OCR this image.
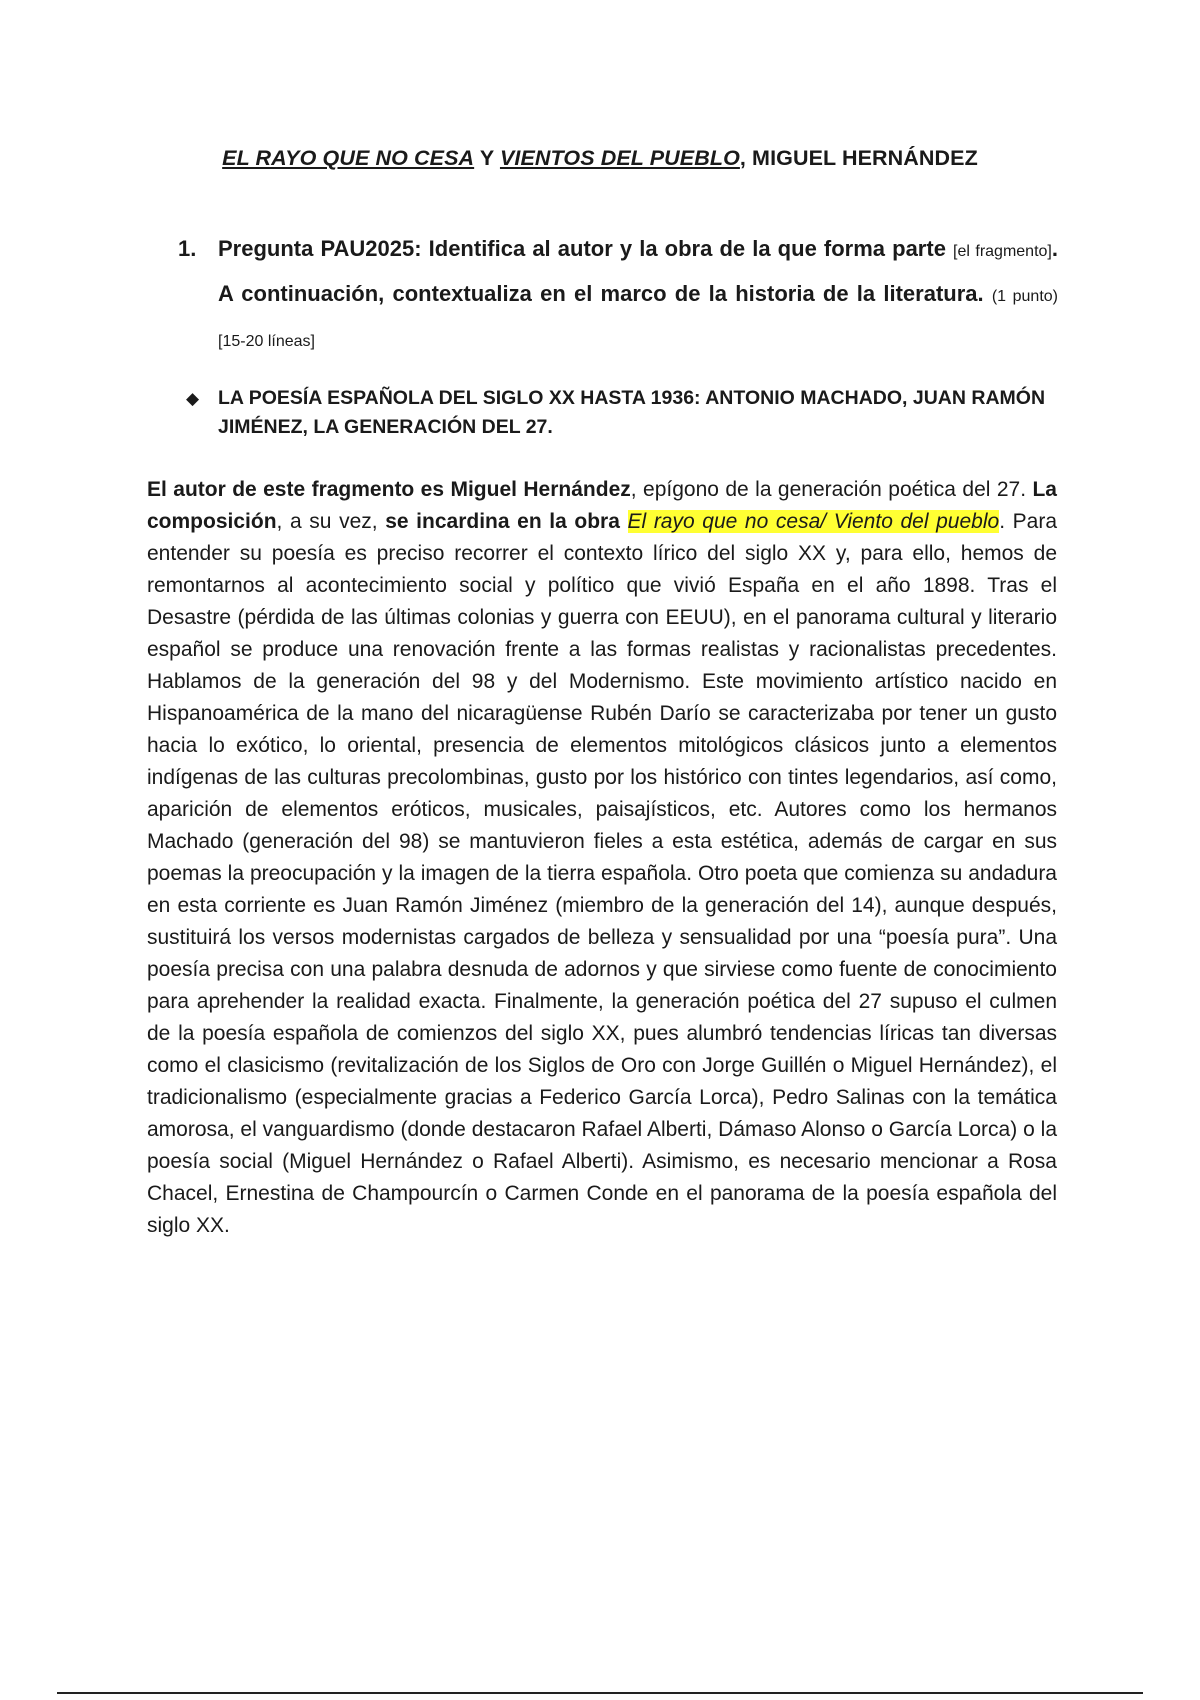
EL RAYO QUE NO CESA Y VIENTOS DEL PUEBLO, MIGUEL HERNÁNDEZ
1. Pregunta PAU2025: Identifica al autor y la obra de la que forma parte [el fragmento]. A continuación, contextualiza en el marco de la historia de la literatura. (1 punto) [15-20 líneas]
◆ LA POESÍA ESPAÑOLA DEL SIGLO XX HASTA 1936: ANTONIO MACHADO, JUAN RAMÓN JIMÉNEZ, LA GENERACIÓN DEL 27.
El autor de este fragmento es Miguel Hernández, epígono de la generación poética del 27. La composición, a su vez, se incardina en la obra El rayo que no cesa/ Viento del pueblo. Para entender su poesía es preciso recorrer el contexto lírico del siglo XX y, para ello, hemos de remontarnos al acontecimiento social y político que vivió España en el año 1898. Tras el Desastre (pérdida de las últimas colonias y guerra con EEUU), en el panorama cultural y literario español se produce una renovación frente a las formas realistas y racionalistas precedentes. Hablamos de la generación del 98 y del Modernismo. Este movimiento artístico nacido en Hispanoamérica de la mano del nicaragüense Rubén Darío se caracterizaba por tener un gusto hacia lo exótico, lo oriental, presencia de elementos mitológicos clásicos junto a elementos indígenas de las culturas precolombinas, gusto por los histórico con tintes legendarios, así como, aparición de elementos eróticos, musicales, paisajísticos, etc. Autores como los hermanos Machado (generación del 98) se mantuvieron fieles a esta estética, además de cargar en sus poemas la preocupación y la imagen de la tierra española. Otro poeta que comienza su andadura en esta corriente es Juan Ramón Jiménez (miembro de la generación del 14), aunque después, sustituirá los versos modernistas cargados de belleza y sensualidad por una “poesía pura”. Una poesía precisa con una palabra desnuda de adornos y que sirviese como fuente de conocimiento para aprehender la realidad exacta. Finalmente, la generación poética del 27 supuso el culmen de la poesía española de comienzos del siglo XX, pues alumbró tendencias líricas tan diversas como el clasicismo (revitalización de los Siglos de Oro con Jorge Guillén o Miguel Hernández), el tradicionalismo (especialmente gracias a Federico García Lorca), Pedro Salinas con la temática amorosa, el vanguardismo (donde destacaron Rafael Alberti, Dámaso Alonso o García Lorca) o la poesía social (Miguel Hernández o Rafael Alberti). Asimismo, es necesario mencionar a Rosa Chacel, Ernestina de Champourcín o Carmen Conde en el panorama de la poesía española del siglo XX.
